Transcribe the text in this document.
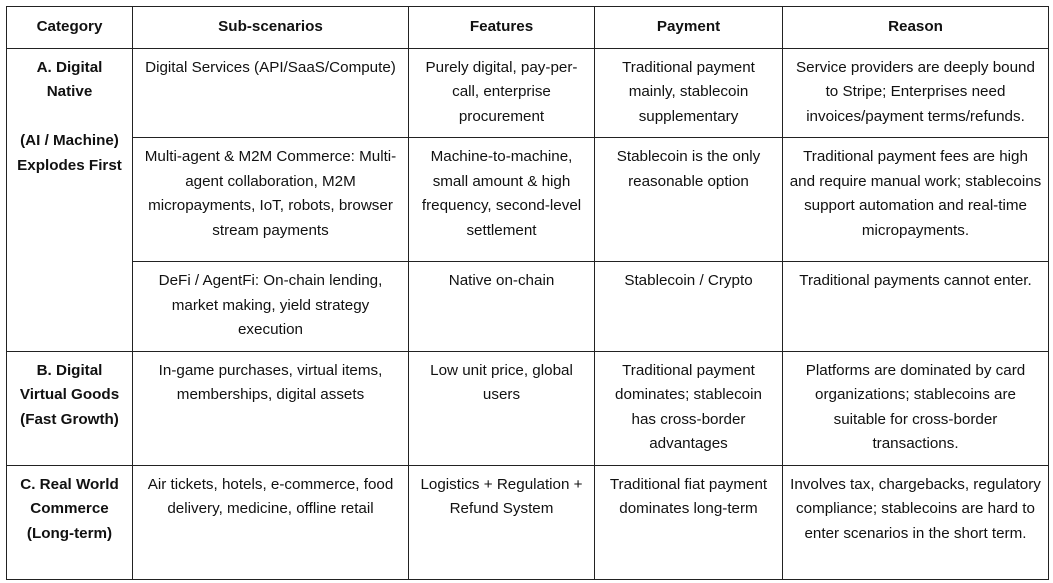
Category	Sub-scenarios	Features	Payment	Reason
A. Digital Native
(AI / Machine) Explodes First	Digital Services (API/SaaS/Compute)	Purely digital, pay-per-call, enterprise procurement	Traditional payment mainly, stablecoin supplementary	Service providers are deeply bound to Stripe; Enterprises need invoices/payment terms/refunds.
	Multi-agent & M2M Commerce: Multi-agent collaboration, M2M micropayments, IoT, robots, browser stream payments	Machine-to-machine, small amount & high frequency, second-level settlement	Stablecoin is the only reasonable option	Traditional payment fees are high and require manual work; stablecoins support automation and real-time micropayments.
	DeFi / AgentFi: On-chain lending, market making, yield strategy execution	Native on-chain	Stablecoin / Crypto	Traditional payments cannot enter.
B. Digital Virtual Goods (Fast Growth)	In-game purchases, virtual items, memberships, digital assets	Low unit price, global users	Traditional payment dominates; stablecoin has cross-border advantages	Platforms are dominated by card organizations; stablecoins are suitable for cross-border transactions.
C. Real World Commerce (Long-term)	Air tickets, hotels, e-commerce, food delivery, medicine, offline retail	Logistics + Regulation + Refund System	Traditional fiat payment dominates long-term	Involves tax, chargebacks, regulatory compliance; stablecoins are hard to enter scenarios in the short term.
